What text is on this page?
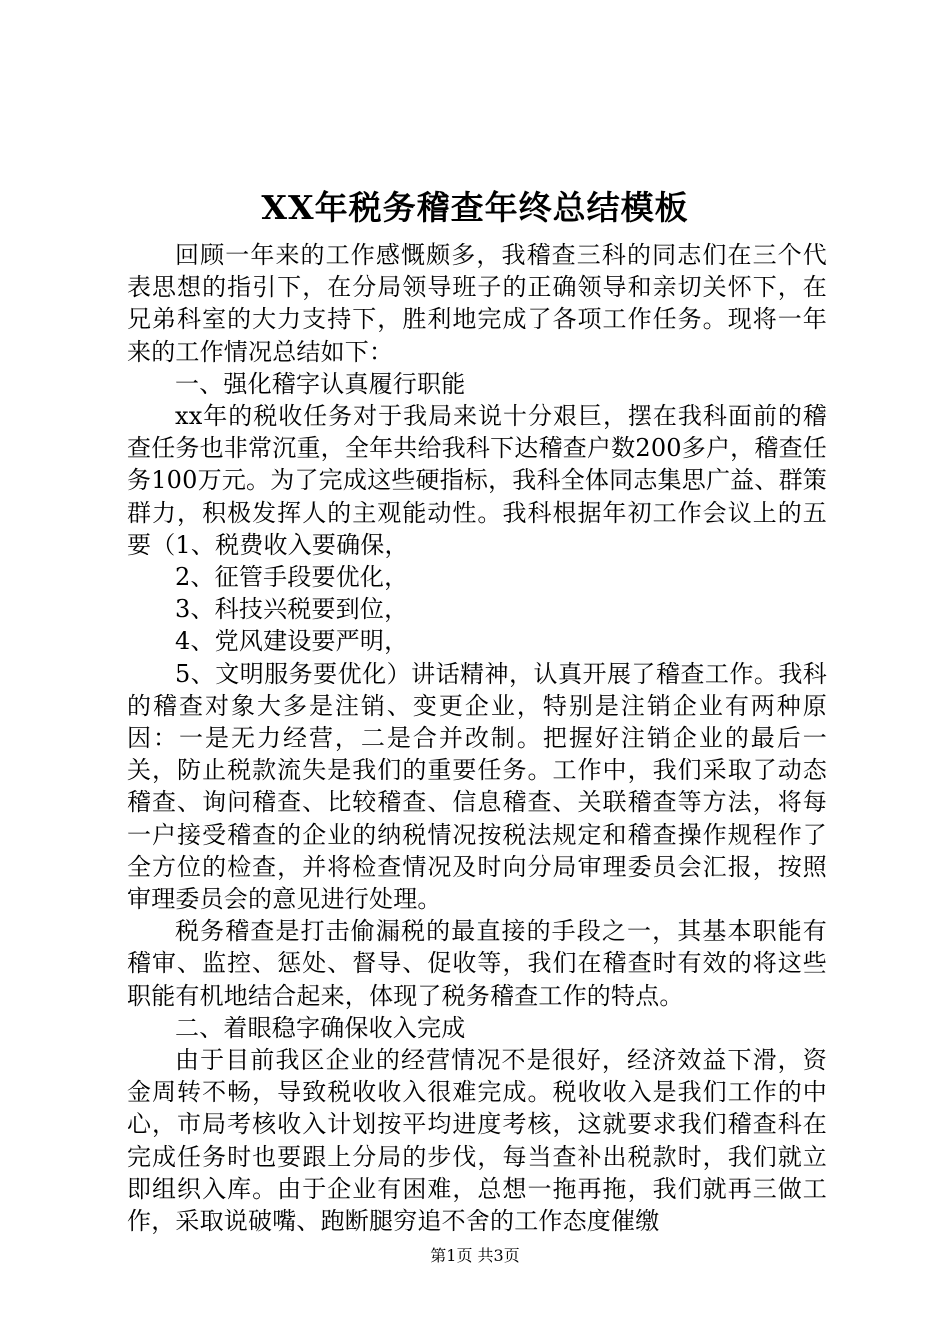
XX年税务稽查年终总结模板

回顾一年来的工作感慨颇多，我稽查三科的同志们在三个代表思想的指引下，在分局领导班子的正确领导和亲切关怀下，在兄弟科室的大力支持下，胜利地完成了各项工作任务。现将一年来的工作情况总结如下：

一、强化稽字认真履行职能

xx年的税收任务对于我局来说十分艰巨，摆在我科面前的稽查任务也非常沉重，全年共给我科下达稽查户数200多户，稽查任务100万元。为了完成这些硬指标，我科全体同志集思广益、群策群力，积极发挥人的主观能动性。我科根据年初工作会议上的五要（1、税费收入要确保，

2、征管手段要优化，

3、科技兴税要到位，

4、党风建设要严明，

5、文明服务要优化）讲话精神，认真开展了稽查工作。我科的稽查对象大多是注销、变更企业，特别是注销企业有两种原因：一是无力经营，二是合并改制。把握好注销企业的最后一关，防止税款流失是我们的重要任务。工作中，我们采取了动态稽查、询问稽查、比较稽查、信息稽查、关联稽查等方法，将每一户接受稽查的企业的纳税情况按税法规定和稽查操作规程作了全方位的检查，并将检查情况及时向分局审理委员会汇报，按照审理委员会的意见进行处理。

税务稽查是打击偷漏税的最直接的手段之一，其基本职能有稽审、监控、惩处、督导、促收等，我们在稽查时有效的将这些职能有机地结合起来，体现了税务稽查工作的特点。

二、着眼稳字确保收入完成

由于目前我区企业的经营情况不是很好，经济效益下滑，资金周转不畅，导致税收收入很难完成。税收收入是我们工作的中心，市局考核收入计划按平均进度考核，这就要求我们稽查科在完成任务时也要跟上分局的步伐，每当查补出税款时，我们就立即组织入库。由于企业有困难，总想一拖再拖，我们就再三做工作，采取说破嘴、跑断腿穷追不舍的工作态度催缴

第1页 共3页
